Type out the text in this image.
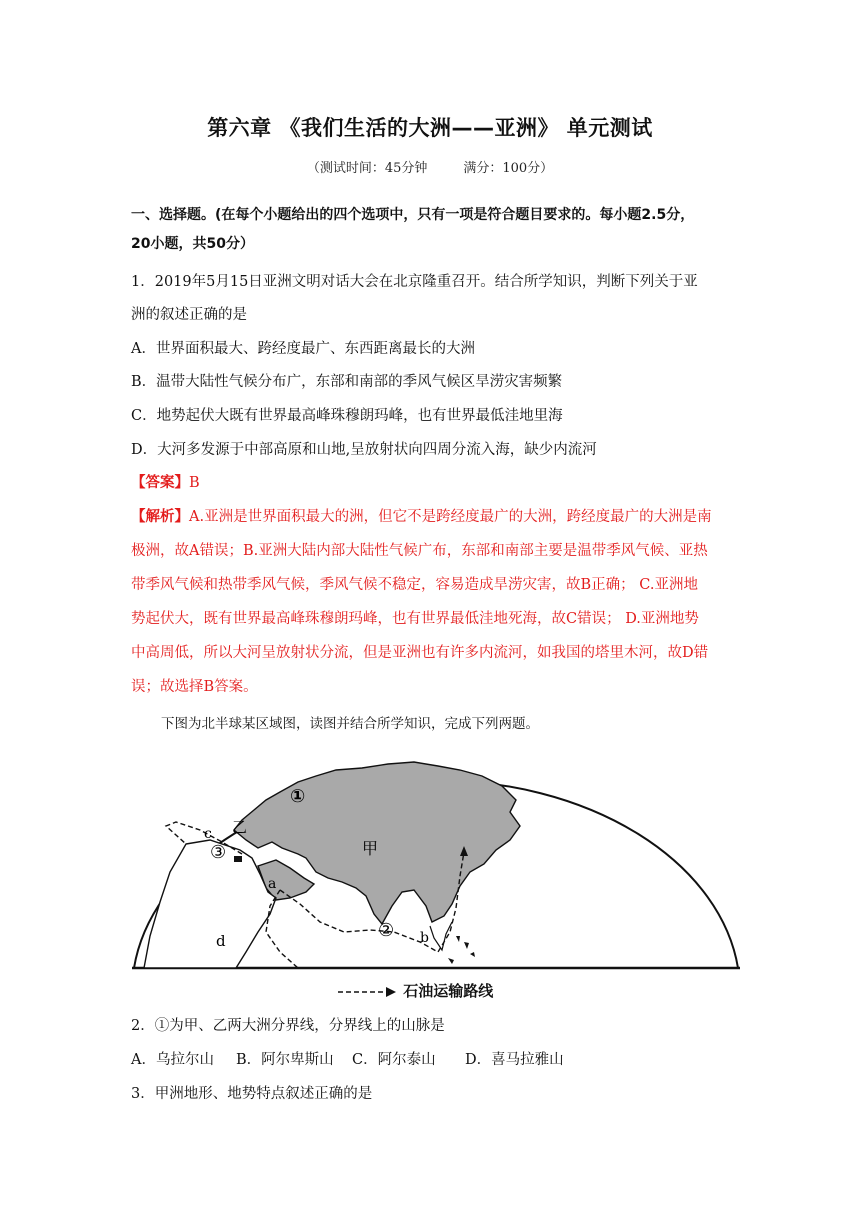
第六章 《我们生活的大洲——亚洲》 单元测试
（测试时间：45分钟	满分：100分）
一、选择题。(在每个小题给出的四个选项中，只有一项是符合题目要求的。每小题2.5分，
20小题，共50分）
1．2019年5月15日亚洲文明对话大会在北京隆重召开。结合所学知识，判断下列关于亚
洲的叙述正确的是
A．世界面积最大、跨经度最广、东西距离最长的大洲
B．温带大陆性气候分布广，东部和南部的季风气候区旱涝灾害频繁
C．地势起伏大既有世界最高峰珠穆朗玛峰，也有世界最低洼地里海
D．大河多发源于中部高原和山地,呈放射状向四周分流入海，缺少内流河
【答案】B
【解析】A.亚洲是世界面积最大的洲，但它不是跨经度最广的大洲，跨经度最广的大洲是南
极洲，故A错误；B.亚洲大陆内部大陆性气候广布，东部和南部主要是温带季风气候、亚热
带季风气候和热带季风气候，季风气候不稳定，容易造成旱涝灾害，故B正确； C.亚洲地
势起伏大，既有世界最高峰珠穆朗玛峰，也有世界最低洼地死海，故C错误； D.亚洲地势
中高周低，所以大河呈放射状分流，但是亚洲也有许多内流河，如我国的塔里木河，故D错
误；故选择B答案。
下图为北半球某区域图，读图并结合所学知识，完成下列两题。
甲
乙
a
b
c
d
①
②
③
石油运输路线
2．①为甲、乙两大洲分界线，分界线上的山脉是
A．乌拉尔山 B．阿尔卑斯山 C．阿尔泰山 D．喜马拉雅山
3．甲洲地形、地势特点叙述正确的是
